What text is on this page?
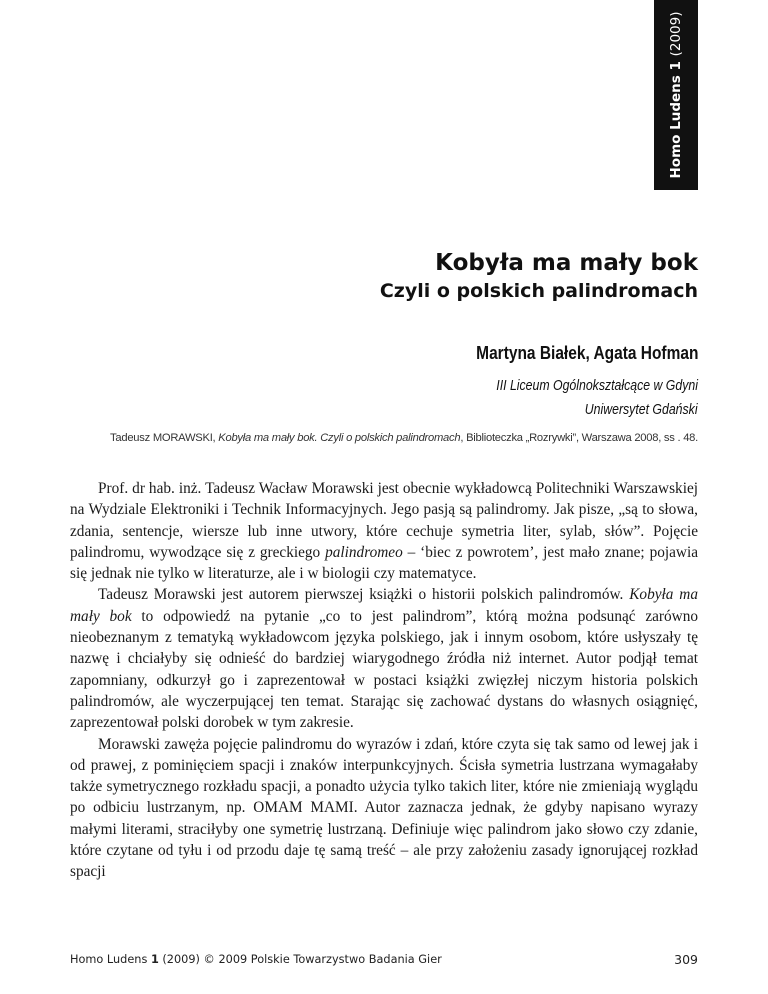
Homo Ludens 1 (2009)
Kobyła ma mały bok
Czyli o polskich palindromach
Martyna Białek, Agata Hofman
III Liceum Ogólnokształcące w Gdyni
Uniwersytet Gdański
Tadeusz MORAWSKI, Kobyła ma mały bok. Czyli o polskich palindromach, Biblioteczka „Rozrywki”, Warszawa 2008, ss . 48.

Prof. dr hab. inż. Tadeusz Wacław Morawski jest obecnie wykładowcą Politechniki Warszawskiej na Wydziale Elektroniki i Technik Informacyjnych. Jego pasją są palindromy. Jak pisze, „są to słowa, zdania, sentencje, wiersze lub inne utwory, które cechuje symetria liter, sylab, słów”. Pojęcie palindromu, wywodzące się z greckiego palindromeo – ‘biec z powrotem’, jest mało znane; pojawia się jednak nie tylko w literaturze, ale i w biologii czy matematyce.

Tadeusz Morawski jest autorem pierwszej książki o historii polskich palindromów. Kobyła ma mały bok to odpowiedź na pytanie „co to jest palindrom”, którą można podsunąć zarówno nieobeznanym z tematyką wykładowcom języka polskiego, jak i innym osobom, które usłyszały tę nazwę i chciałyby się odnieść do bardziej wiarygodnego źródła niż internet. Autor podjął temat zapomniany, odkurzył go i zaprezentował w postaci książki zwięzłej niczym historia polskich palindromów, ale wyczerpującej ten temat. Starając się zachować dystans do własnych osiągnięć, zaprezentował polski dorobek w tym zakresie.

Morawski zawęża pojęcie palindromu do wyrazów i zdań, które czyta się tak samo od lewej jak i od prawej, z pominięciem spacji i znaków interpunkcyjnych. Ścisła symetria lustrzana wymagałaby także symetrycznego rozkładu spacji, a ponadto użycia tylko takich liter, które nie zmieniają wyglądu po odbiciu lustrzanym, np. OMAM MAMI. Autor zaznacza jednak, że gdyby napisano wyrazy małymi literami, straciłyby one symetrię lustrzaną. Definiuje więc palindrom jako słowo czy zdanie, które czytane od tyłu i od przodu daje tę samą treść – ale przy założeniu zasady ignorującej rozkład spacji

Homo Ludens 1 (2009) © 2009 Polskie Towarzystwo Badania Gier	309
